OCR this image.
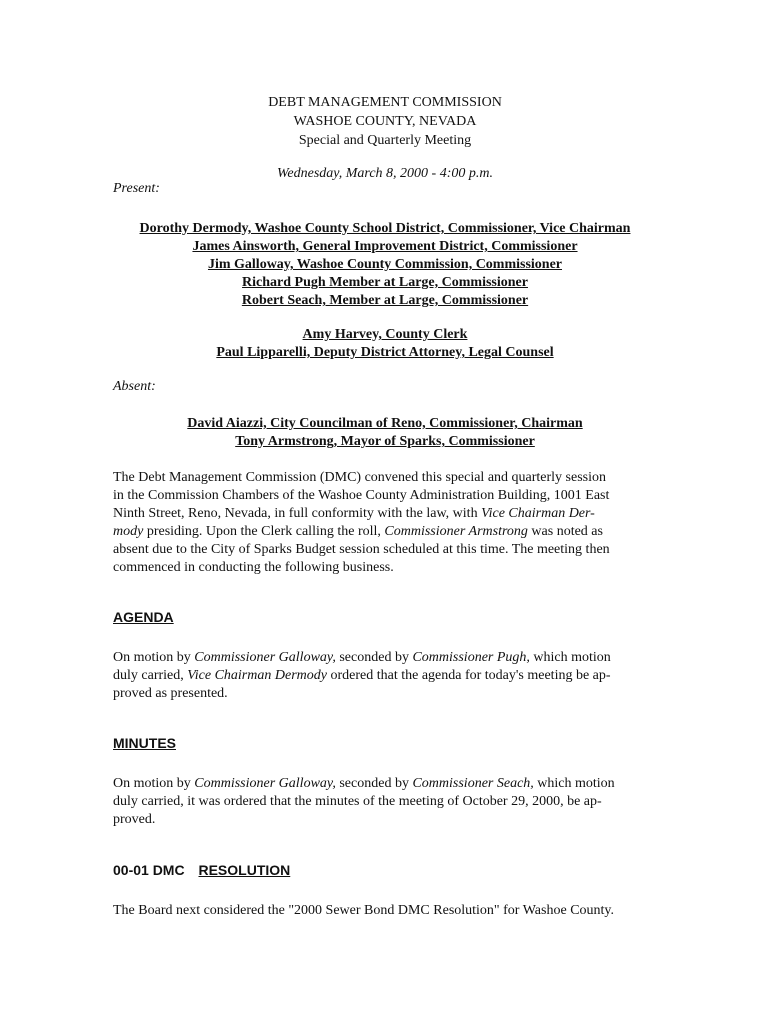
DEBT MANAGEMENT COMMISSION
WASHOE COUNTY, NEVADA
Special and Quarterly Meeting
Wednesday, March 8, 2000 - 4:00 p.m.
Present:
Dorothy Dermody, Washoe County School District, Commissioner, Vice Chairman
James Ainsworth, General Improvement District, Commissioner
Jim Galloway, Washoe County Commission, Commissioner
Richard Pugh Member at Large, Commissioner
Robert Seach, Member at Large, Commissioner
Amy Harvey, County Clerk
Paul Lipparelli, Deputy District Attorney, Legal Counsel
Absent:
David Aiazzi, City Councilman of Reno, Commissioner, Chairman
Tony Armstrong, Mayor of Sparks, Commissioner
The Debt Management Commission (DMC) convened this special and quarterly session
in the Commission Chambers of the Washoe County Administration Building, 1001 East
Ninth Street, Reno, Nevada, in full conformity with the law, with Vice Chairman Der-
mody presiding. Upon the Clerk calling the roll, Commissioner Armstrong was noted as
absent due to the City of Sparks Budget session scheduled at this time. The meeting then
commenced in conducting the following business.
AGENDA
On motion by Commissioner Galloway, seconded by Commissioner Pugh, which motion
duly carried, Vice Chairman Dermody ordered that the agenda for today's meeting be ap-
proved as presented.
MINUTES
On motion by Commissioner Galloway, seconded by Commissioner Seach, which motion
duly carried, it was ordered that the minutes of the meeting of October 29, 2000, be ap-
proved.
00-01 DMC RESOLUTION
The Board next considered the "2000 Sewer Bond DMC Resolution" for Washoe County.
